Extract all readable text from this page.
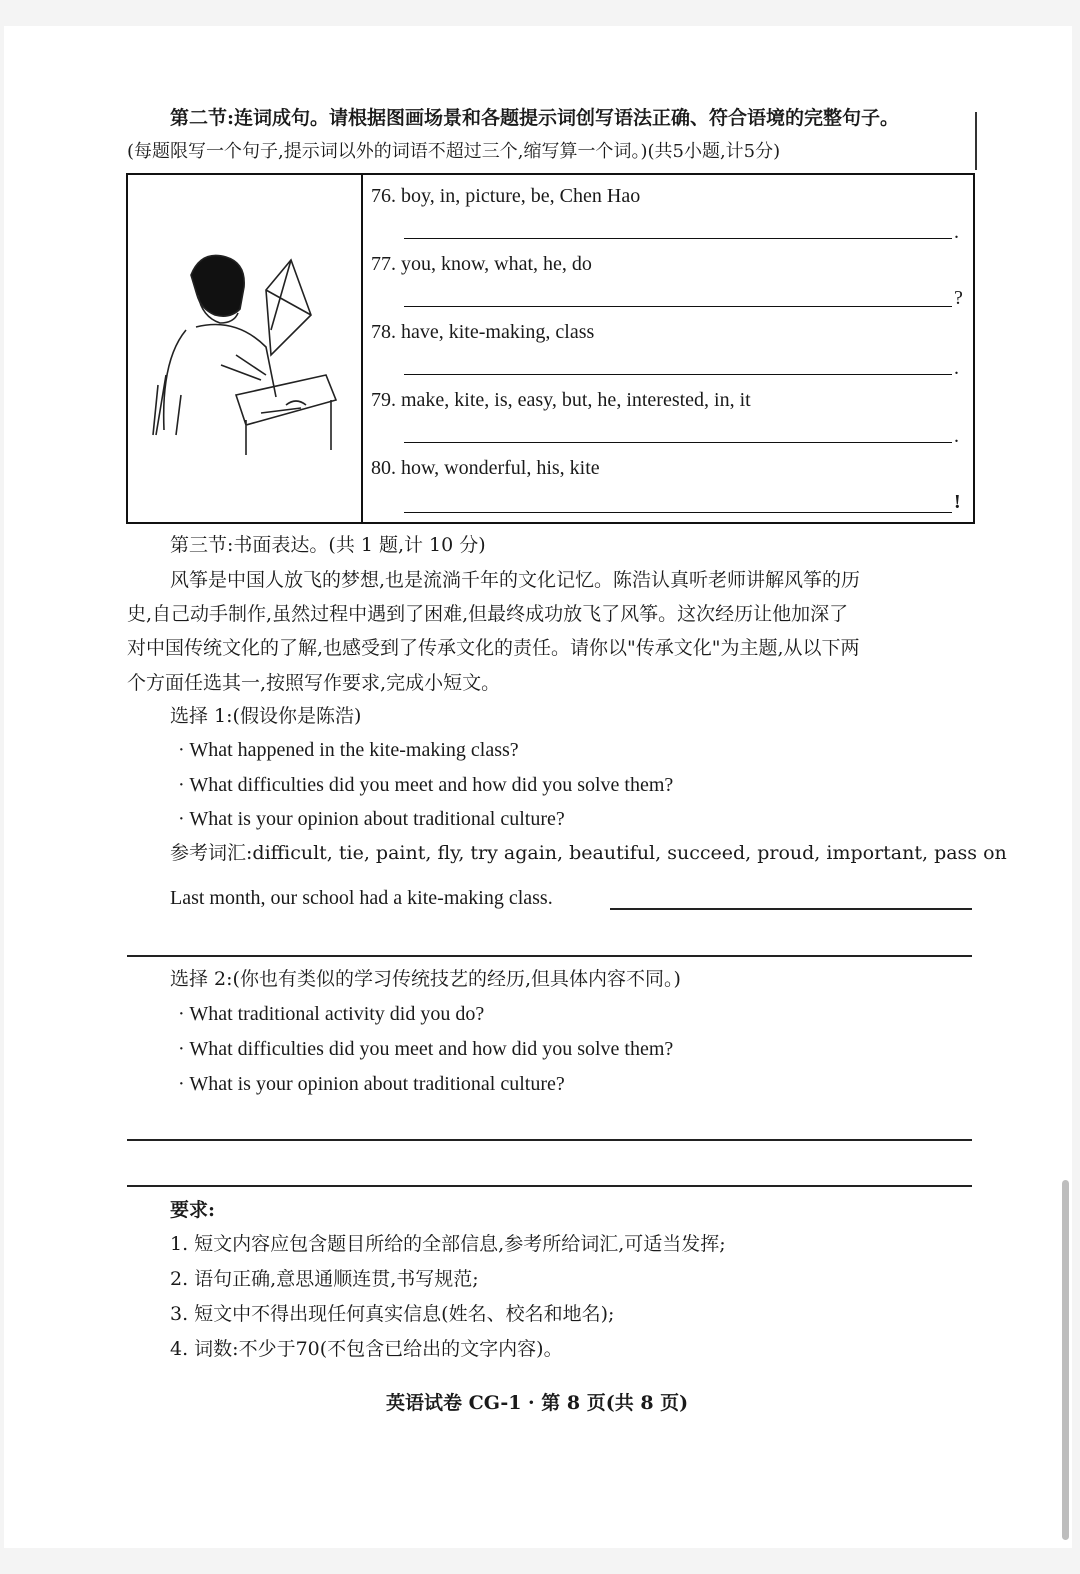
第二节:连词成句。请根据图画场景和各题提示词创写语法正确、符合语境的完整句子。
(每题限写一个句子,提示词以外的词语不超过三个,缩写算一个词。)(共5小题,计5分)
76. boy, in, picture, be, Chen Hao
.
77. you, know, what, he, do
?
78. have, kite-making, class
.
79. make, kite, is, easy, but, he, interested, in, it
.
80. how, wonderful, his, kite
!
第三节:书面表达。(共 1 题,计 10 分)
风筝是中国人放飞的梦想,也是流淌千年的文化记忆。陈浩认真听老师讲解风筝的历
史,自己动手制作,虽然过程中遇到了困难,但最终成功放飞了风筝。这次经历让他加深了
对中国传统文化的了解,也感受到了传承文化的责任。请你以"传承文化"为主题,从以下两
个方面任选其一,按照写作要求,完成小短文。
选择 1:(假设你是陈浩)
· What happened in the kite-making class?
· What difficulties did you meet and how did you solve them?
· What is your opinion about traditional culture?
参考词汇:difficult, tie, paint, fly, try again, beautiful, succeed, proud, important, pass on
Last month, our school had a kite-making class.
选择 2:(你也有类似的学习传统技艺的经历,但具体内容不同。)
· What traditional activity did you do?
· What difficulties did you meet and how did you solve them?
· What is your opinion about traditional culture?
要求:
1. 短文内容应包含题目所给的全部信息,参考所给词汇,可适当发挥;
2. 语句正确,意思通顺连贯,书写规范;
3. 短文中不得出现任何真实信息(姓名、校名和地名);
4. 词数:不少于70(不包含已给出的文字内容)。
英语试卷 CG-1 · 第 8 页(共 8 页)
